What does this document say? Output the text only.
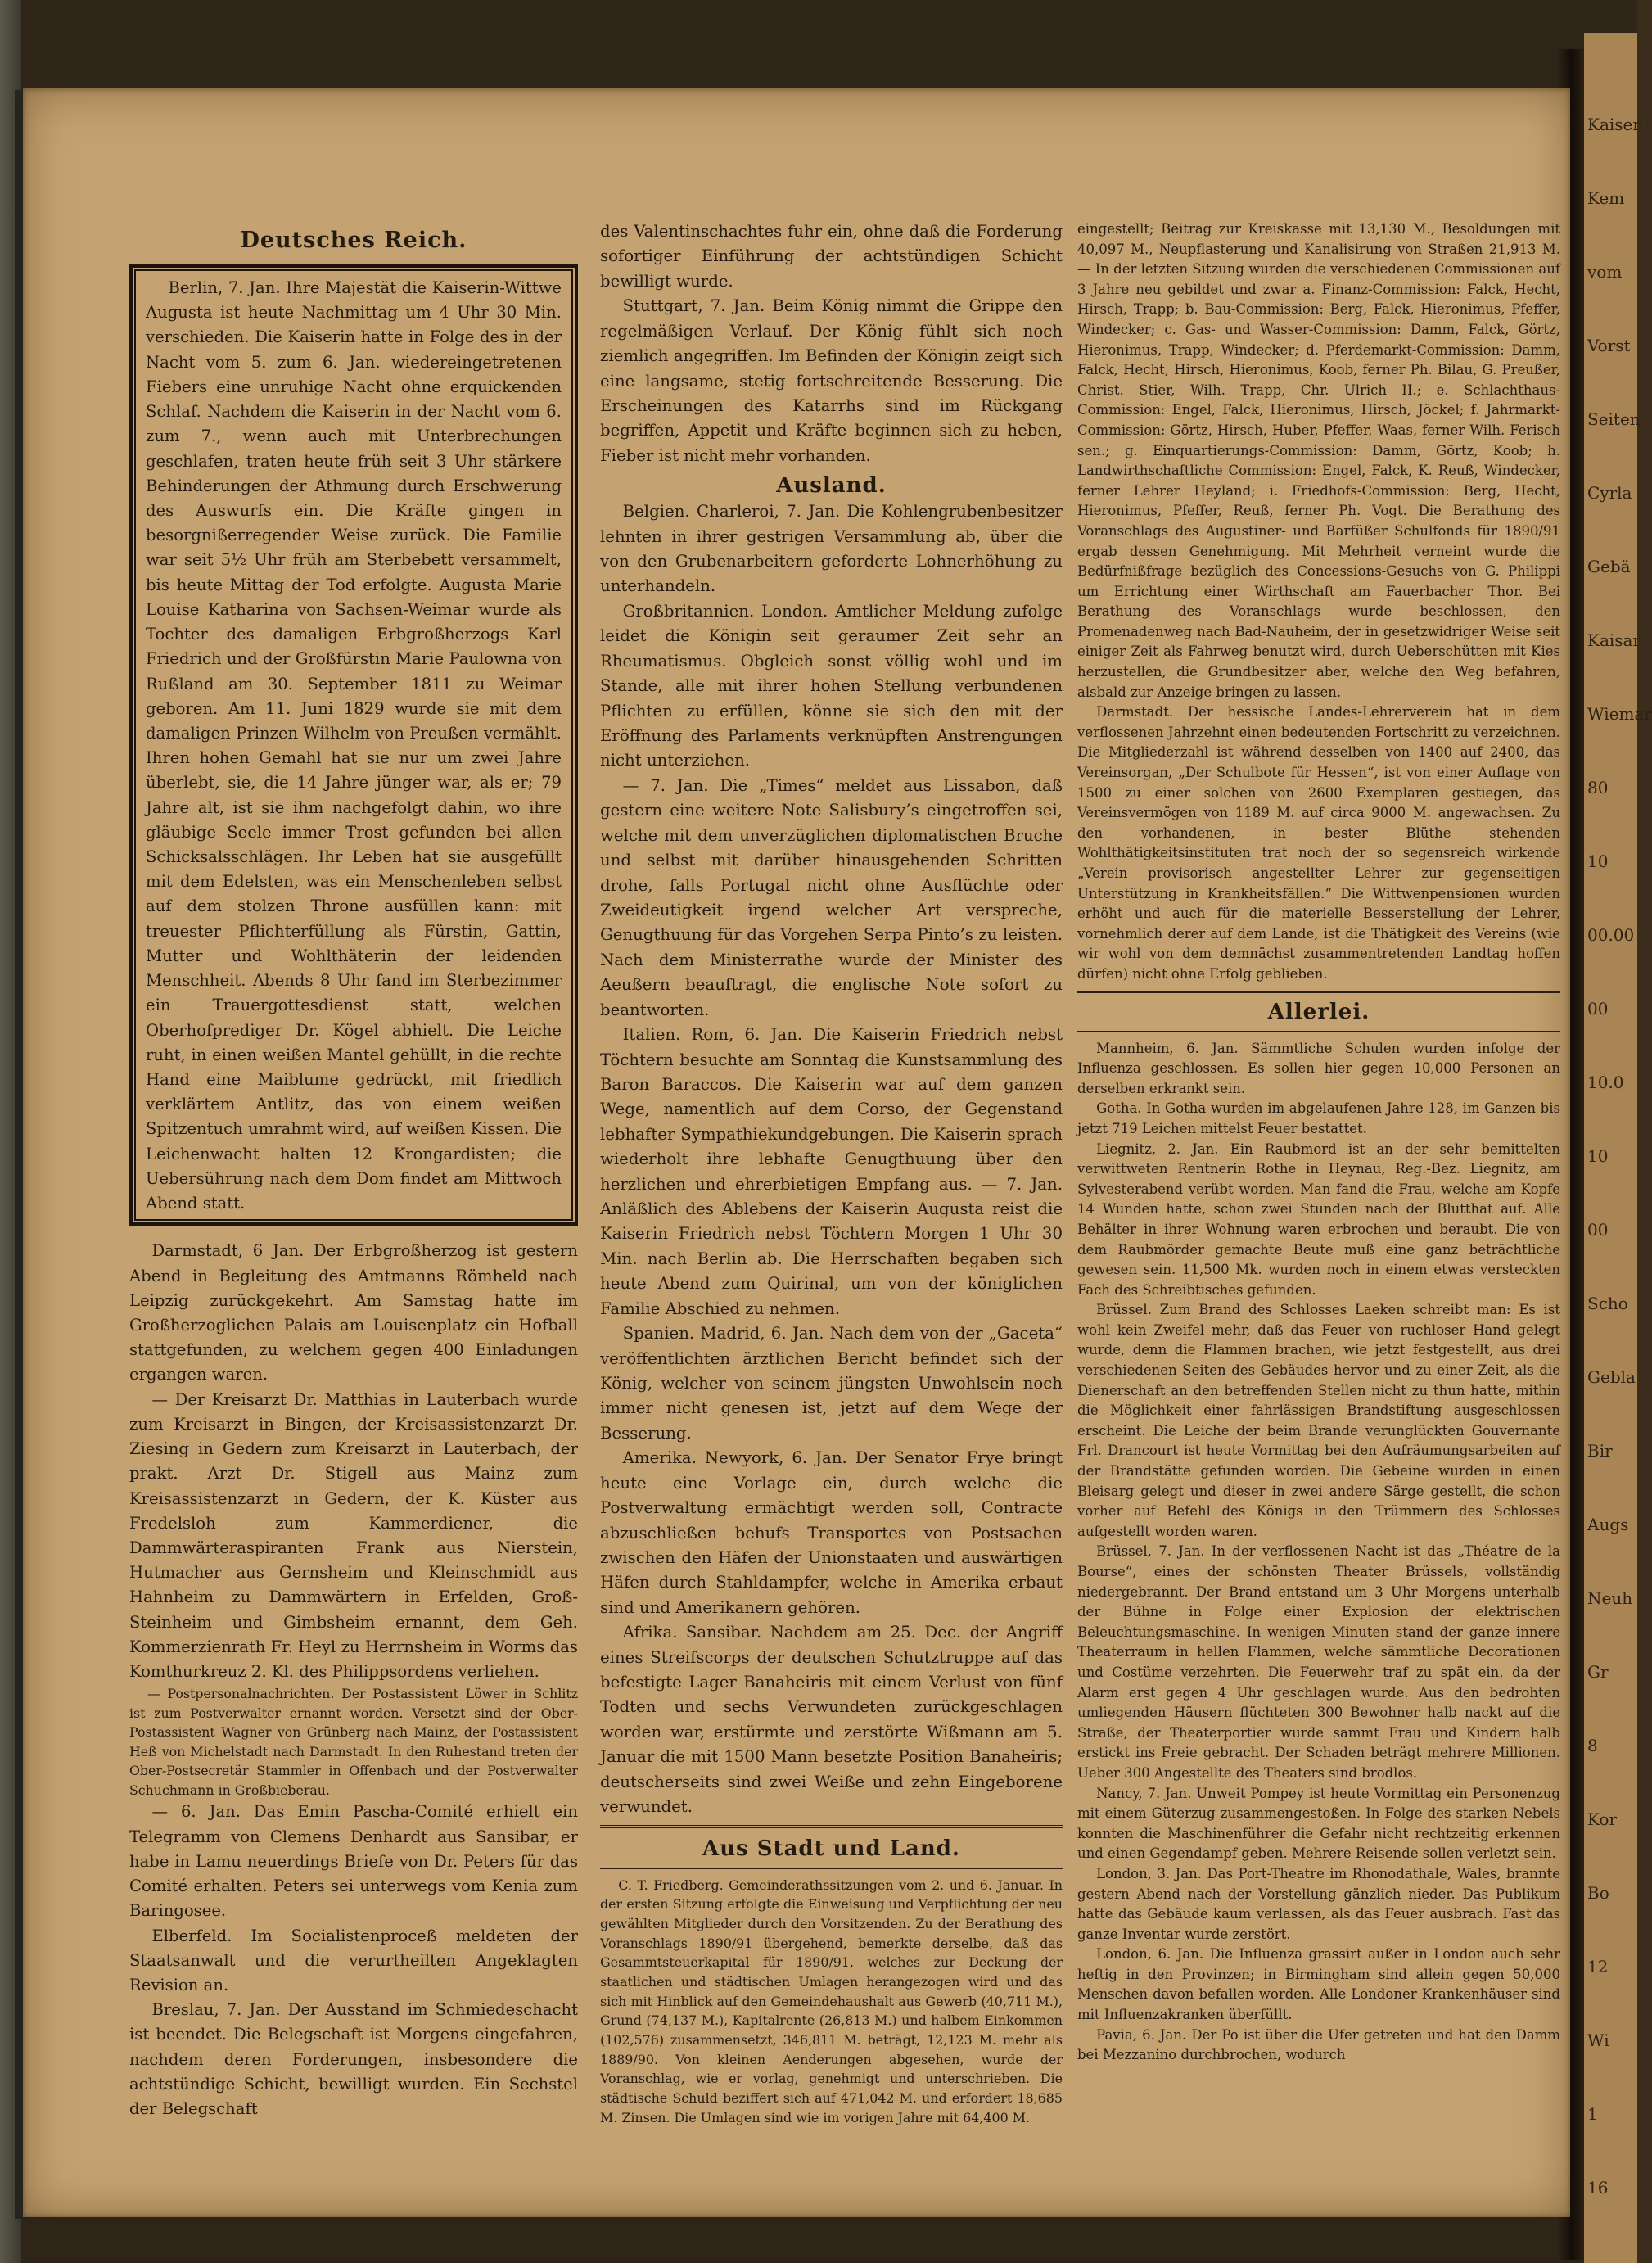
Kaiser
Kem
vom
Vorst
Seiten
Cyrla
Gebä
Kaisar
Wiemar
80
10
00.00
00
10.0
10
00
Scho
Gebla
Bir
Augs
Neuh
Gr
8
Kor
Bo
12
Wi
1
16
Deutsches Reich.

Berlin, 7. Jan. Ihre Majestät die Kaiserin-Wittwe Augusta ist heute Nachmittag um 4 Uhr 30 Min. verschieden. Die Kaiserin hatte in Folge des in der Nacht vom 5. zum 6. Jan. wiedereingetretenen Fiebers eine unruhige Nacht ohne erquickenden Schlaf. Nachdem die Kaiserin in der Nacht vom 6. zum 7., wenn auch mit Unterbrechungen geschlafen, traten heute früh seit 3 Uhr stärkere Behinderungen der Athmung durch Erschwerung des Auswurfs ein. Die Kräfte gingen in besorgnißerregender Weise zurück. Die Familie war seit 5½ Uhr früh am Sterbebett versammelt, bis heute Mittag der Tod erfolgte. Augusta Marie Louise Katharina von Sachsen-Weimar wurde als Tochter des damaligen Erbgroßherzogs Karl Friedrich und der Großfürstin Marie Paulowna von Rußland am 30. September 1811 zu Weimar geboren. Am 11. Juni 1829 wurde sie mit dem damaligen Prinzen Wilhelm von Preußen vermählt. Ihren hohen Gemahl hat sie nur um zwei Jahre überlebt, sie, die 14 Jahre jünger war, als er; 79 Jahre alt, ist sie ihm nachgefolgt dahin, wo ihre gläubige Seele immer Trost gefunden bei allen Schicksalsschlägen. Ihr Leben hat sie ausgefüllt mit dem Edelsten, was ein Menschenleben selbst auf dem stolzen Throne ausfüllen kann: mit treuester Pflichterfüllung als Fürstin, Gattin, Mutter und Wohlthäterin der leidenden Menschheit. Abends 8 Uhr fand im Sterbezimmer ein Trauergottesdienst statt, welchen Oberhofprediger Dr. Kögel abhielt. Die Leiche ruht, in einen weißen Mantel gehüllt, in die rechte Hand eine Maiblume gedrückt, mit friedlich verklärtem Antlitz, das von einem weißen Spitzentuch umrahmt wird, auf weißen Kissen. Die Leichenwacht halten 12 Krongardisten; die Uebersührung nach dem Dom findet am Mittwoch Abend statt.

Darmstadt, 6 Jan. Der Erbgroßherzog ist gestern Abend in Begleitung des Amtmanns Römheld nach Leipzig zurückgekehrt. Am Samstag hatte im Großherzoglichen Palais am Louisenplatz ein Hofball stattgefunden, zu welchem gegen 400 Einladungen ergangen waren.

— Der Kreisarzt Dr. Matthias in Lauterbach wurde zum Kreisarzt in Bingen, der Kreisassistenzarzt Dr. Ziesing in Gedern zum Kreisarzt in Lauterbach, der prakt. Arzt Dr. Stigell aus Mainz zum Kreisassistenzarzt in Gedern, der K. Küster aus Fredelsloh zum Kammerdiener, die Dammwärteraspiranten Frank aus Nierstein, Hutmacher aus Gernsheim und Kleinschmidt aus Hahnheim zu Dammwärtern in Erfelden, Groß-Steinheim und Gimbsheim ernannt, dem Geh. Kommerzienrath Fr. Heyl zu Herrnsheim in Worms das Komthurkreuz 2. Kl. des Philippsordens verliehen.

— Postpersonalnachrichten. Der Postassistent Löwer in Schlitz ist zum Postverwalter ernannt worden. Versetzt sind der Ober-Postassistent Wagner von Grünberg nach Mainz, der Postassistent Heß von Michelstadt nach Darmstadt. In den Ruhestand treten der Ober-Postsecretär Stammler in Offenbach und der Postverwalter Schuchmann in Großbieberau.

— 6. Jan. Das Emin Pascha-Comité erhielt ein Telegramm von Clemens Denhardt aus Sansibar, er habe in Lamu neuerdings Briefe von Dr. Peters für das Comité erhalten. Peters sei unterwegs vom Kenia zum Baringosee.

Elberfeld. Im Socialistenproceß meldeten der Staatsanwalt und die verurtheilten Angeklagten Revision an.

Breslau, 7. Jan. Der Ausstand im Schmiedeschacht ist beendet. Die Belegschaft ist Morgens eingefahren, nachdem deren Forderungen, insbesondere die achtstündige Schicht, bewilligt wurden. Ein Sechstel der Belegschaft

des Valentinschachtes fuhr ein, ohne daß die Forderung sofortiger Einführung der achtstündigen Schicht bewilligt wurde.

Stuttgart, 7. Jan. Beim König nimmt die Grippe den regelmäßigen Verlauf. Der König fühlt sich noch ziemlich angegriffen. Im Befinden der Königin zeigt sich eine langsame, stetig fortschreitende Besserung. Die Erscheinungen des Katarrhs sind im Rückgang begriffen, Appetit und Kräfte beginnen sich zu heben, Fieber ist nicht mehr vorhanden.

Ausland.

Belgien. Charleroi, 7. Jan. Die Kohlengrubenbesitzer lehnten in ihrer gestrigen Versammlung ab, über die von den Grubenarbeitern geforderte Lohnerhöhung zu unterhandeln.

Großbritannien. London. Amtlicher Meldung zufolge leidet die Königin seit geraumer Zeit sehr an Rheumatismus. Obgleich sonst völlig wohl und im Stande, alle mit ihrer hohen Stellung verbundenen Pflichten zu erfüllen, könne sie sich den mit der Eröffnung des Parlaments verknüpften Anstrengungen nicht unterziehen.

— 7. Jan. Die „Times“ meldet aus Lissabon, daß gestern eine weitere Note Salisbury’s eingetroffen sei, welche mit dem unverzüglichen diplomatischen Bruche und selbst mit darüber hinausgehenden Schritten drohe, falls Portugal nicht ohne Ausflüchte oder Zweideutigkeit irgend welcher Art verspreche, Genugthuung für das Vorgehen Serpa Pinto’s zu leisten. Nach dem Ministerrathe wurde der Minister des Aeußern beauftragt, die englische Note sofort zu beantworten.

Italien. Rom, 6. Jan. Die Kaiserin Friedrich nebst Töchtern besuchte am Sonntag die Kunstsammlung des Baron Baraccos. Die Kaiserin war auf dem ganzen Wege, namentlich auf dem Corso, der Gegenstand lebhafter Sympathiekundgebungen. Die Kaiserin sprach wiederholt ihre lebhafte Genugthuung über den herzlichen und ehrerbietigen Empfang aus. — 7. Jan. Anläßlich des Ablebens der Kaiserin Augusta reist die Kaiserin Friedrich nebst Töchtern Morgen 1 Uhr 30 Min. nach Berlin ab. Die Herrschaften begaben sich heute Abend zum Quirinal, um von der königlichen Familie Abschied zu nehmen.

Spanien. Madrid, 6. Jan. Nach dem von der „Gaceta“ veröffentlichten ärztlichen Bericht befindet sich der König, welcher von seinem jüngsten Unwohlsein noch immer nicht genesen ist, jetzt auf dem Wege der Besserung.

Amerika. Newyork, 6. Jan. Der Senator Frye bringt heute eine Vorlage ein, durch welche die Postverwaltung ermächtigt werden soll, Contracte abzuschließen behufs Transportes von Postsachen zwischen den Häfen der Unionstaaten und auswärtigen Häfen durch Stahldampfer, welche in Amerika erbaut sind und Amerikanern gehören.

Afrika. Sansibar. Nachdem am 25. Dec. der Angriff eines Streifscorps der deutschen Schutztruppe auf das befestigte Lager Banaheiris mit einem Verlust von fünf Todten und sechs Verwundeten zurückgeschlagen worden war, erstürmte und zerstörte Wißmann am 5. Januar die mit 1500 Mann besetzte Position Banaheiris; deutscherseits sind zwei Weiße und zehn Eingeborene verwundet.

Aus Stadt und Land.

C. T. Friedberg. Gemeinderathssitzungen vom 2. und 6. Januar. In der ersten Sitzung erfolgte die Einweisung und Verpflichtung der neu gewählten Mitglieder durch den Vorsitzenden. Zu der Berathung des Voranschlags 1890/91 übergehend, bemerkte derselbe, daß das Gesammtsteuerkapital für 1890/91, welches zur Deckung der staatlichen und städtischen Umlagen herangezogen wird und das sich mit Hinblick auf den Gemeindehaushalt aus Gewerb (40,711 M.), Grund (74,137 M.), Kapitalrente (26,813 M.) und halbem Einkommen (102,576) zusammensetzt, 346,811 M. beträgt, 12,123 M. mehr als 1889/90. Von kleinen Aenderungen abgesehen, wurde der Voranschlag, wie er vorlag, genehmigt und unterschrieben. Die städtische Schuld beziffert sich auf 471,042 M. und erfordert 18,685 M. Zinsen. Die Umlagen sind wie im vorigen Jahre mit 64,400 M.

eingestellt; Beitrag zur Kreiskasse mit 13,130 M., Besoldungen mit 40,097 M., Neupflasterung und Kanalisirung von Straßen 21,913 M. — In der letzten Sitzung wurden die verschiedenen Commissionen auf 3 Jahre neu gebildet und zwar a. Finanz-Commission: Falck, Hecht, Hirsch, Trapp; b. Bau-Commission: Berg, Falck, Hieronimus, Pfeffer, Windecker; c. Gas- und Wasser-Commission: Damm, Falck, Görtz, Hieronimus, Trapp, Windecker; d. Pferdemarkt-Commission: Damm, Falck, Hecht, Hirsch, Hieronimus, Koob, ferner Ph. Bilau, G. Preußer, Christ. Stier, Wilh. Trapp, Chr. Ulrich II.; e. Schlachthaus-Commission: Engel, Falck, Hieronimus, Hirsch, Jöckel; f. Jahrmarkt-Commission: Görtz, Hirsch, Huber, Pfeffer, Waas, ferner Wilh. Ferisch sen.; g. Einquartierungs-Commission: Damm, Görtz, Koob; h. Landwirthschaftliche Commission: Engel, Falck, K. Reuß, Windecker, ferner Lehrer Heyland; i. Friedhofs-Commission: Berg, Hecht, Hieronimus, Pfeffer, Reuß, ferner Ph. Vogt. Die Berathung des Voranschlags des Augustiner- und Barfüßer Schulfonds für 1890/91 ergab dessen Genehmigung. Mit Mehrheit verneint wurde die Bedürfnißfrage bezüglich des Concessions-Gesuchs von G. Philippi um Errichtung einer Wirthschaft am Fauerbacher Thor. Bei Berathung des Voranschlags wurde beschlossen, den Promenadenweg nach Bad-Nauheim, der in gesetzwidriger Weise seit einiger Zeit als Fahrweg benutzt wird, durch Ueberschütten mit Kies herzustellen, die Grundbesitzer aber, welche den Weg befahren, alsbald zur Anzeige bringen zu lassen.

Darmstadt. Der hessische Landes-Lehrerverein hat in dem verflossenen Jahrzehnt einen bedeutenden Fortschritt zu verzeichnen. Die Mitgliederzahl ist während desselben von 1400 auf 2400, das Vereinsorgan, „Der Schulbote für Hessen“, ist von einer Auflage von 1500 zu einer solchen von 2600 Exemplaren gestiegen, das Vereinsvermögen von 1189 M. auf circa 9000 M. angewachsen. Zu den vorhandenen, in bester Blüthe stehenden Wohlthätigkeitsinstituten trat noch der so segensreich wirkende „Verein provisorisch angestellter Lehrer zur gegenseitigen Unterstützung in Krankheitsfällen.“ Die Wittwenpensionen wurden erhöht und auch für die materielle Besserstellung der Lehrer, vornehmlich derer auf dem Lande, ist die Thätigkeit des Vereins (wie wir wohl von dem demnächst zusammentretenden Landtag hoffen dürfen) nicht ohne Erfolg geblieben.

Allerlei.

Mannheim, 6. Jan. Sämmtliche Schulen wurden infolge der Influenza geschlossen. Es sollen hier gegen 10,000 Personen an derselben erkrankt sein.

Gotha. In Gotha wurden im abgelaufenen Jahre 128, im Ganzen bis jetzt 719 Leichen mittelst Feuer bestattet.

Liegnitz, 2. Jan. Ein Raubmord ist an der sehr bemittelten verwittweten Rentnerin Rothe in Heynau, Reg.-Bez. Liegnitz, am Sylvesterabend verübt worden. Man fand die Frau, welche am Kopfe 14 Wunden hatte, schon zwei Stunden nach der Blutthat auf. Alle Behälter in ihrer Wohnung waren erbrochen und beraubt. Die von dem Raubmörder gemachte Beute muß eine ganz beträchtliche gewesen sein. 11,500 Mk. wurden noch in einem etwas versteckten Fach des Schreibtisches gefunden.

Brüssel. Zum Brand des Schlosses Laeken schreibt man: Es ist wohl kein Zweifel mehr, daß das Feuer von ruchloser Hand gelegt wurde, denn die Flammen brachen, wie jetzt festgestellt, aus drei verschiedenen Seiten des Gebäudes hervor und zu einer Zeit, als die Dienerschaft an den betreffenden Stellen nicht zu thun hatte, mithin die Möglichkeit einer fahrlässigen Brandstiftung ausgeschlossen erscheint. Die Leiche der beim Brande verunglückten Gouvernante Frl. Drancourt ist heute Vormittag bei den Aufräumungsarbeiten auf der Brandstätte gefunden worden. Die Gebeine wurden in einen Bleisarg gelegt und dieser in zwei andere Särge gestellt, die schon vorher auf Befehl des Königs in den Trümmern des Schlosses aufgestellt worden waren.

Brüssel, 7. Jan. In der verflossenen Nacht ist das „Théatre de la Bourse“, eines der schönsten Theater Brüssels, vollständig niedergebrannt. Der Brand entstand um 3 Uhr Morgens unterhalb der Bühne in Folge einer Explosion der elektrischen Beleuchtungsmaschine. In wenigen Minuten stand der ganze innere Theaterraum in hellen Flammen, welche sämmtliche Decorationen und Costüme verzehrten. Die Feuerwehr traf zu spät ein, da der Alarm erst gegen 4 Uhr geschlagen wurde. Aus den bedrohten umliegenden Häusern flüchteten 300 Bewohner halb nackt auf die Straße, der Theaterportier wurde sammt Frau und Kindern halb erstickt ins Freie gebracht. Der Schaden beträgt mehrere Millionen. Ueber 300 Angestellte des Theaters sind brodlos.

Nancy, 7. Jan. Unweit Pompey ist heute Vormittag ein Personenzug mit einem Güterzug zusammengestoßen. In Folge des starken Nebels konnten die Maschinenführer die Gefahr nicht rechtzeitig erkennen und einen Gegendampf geben. Mehrere Reisende sollen verletzt sein.

London, 3. Jan. Das Port-Theatre im Rhonodathale, Wales, brannte gestern Abend nach der Vorstellung gänzlich nieder. Das Publikum hatte das Gebäude kaum verlassen, als das Feuer ausbrach. Fast das ganze Inventar wurde zerstört.

London, 6. Jan. Die Influenza grassirt außer in London auch sehr heftig in den Provinzen; in Birmingham sind allein gegen 50,000 Menschen davon befallen worden. Alle Londoner Krankenhäuser sind mit Influenzakranken überfüllt.

Pavia, 6. Jan. Der Po ist über die Ufer getreten und hat den Damm bei Mezzanino durchbrochen, wodurch
